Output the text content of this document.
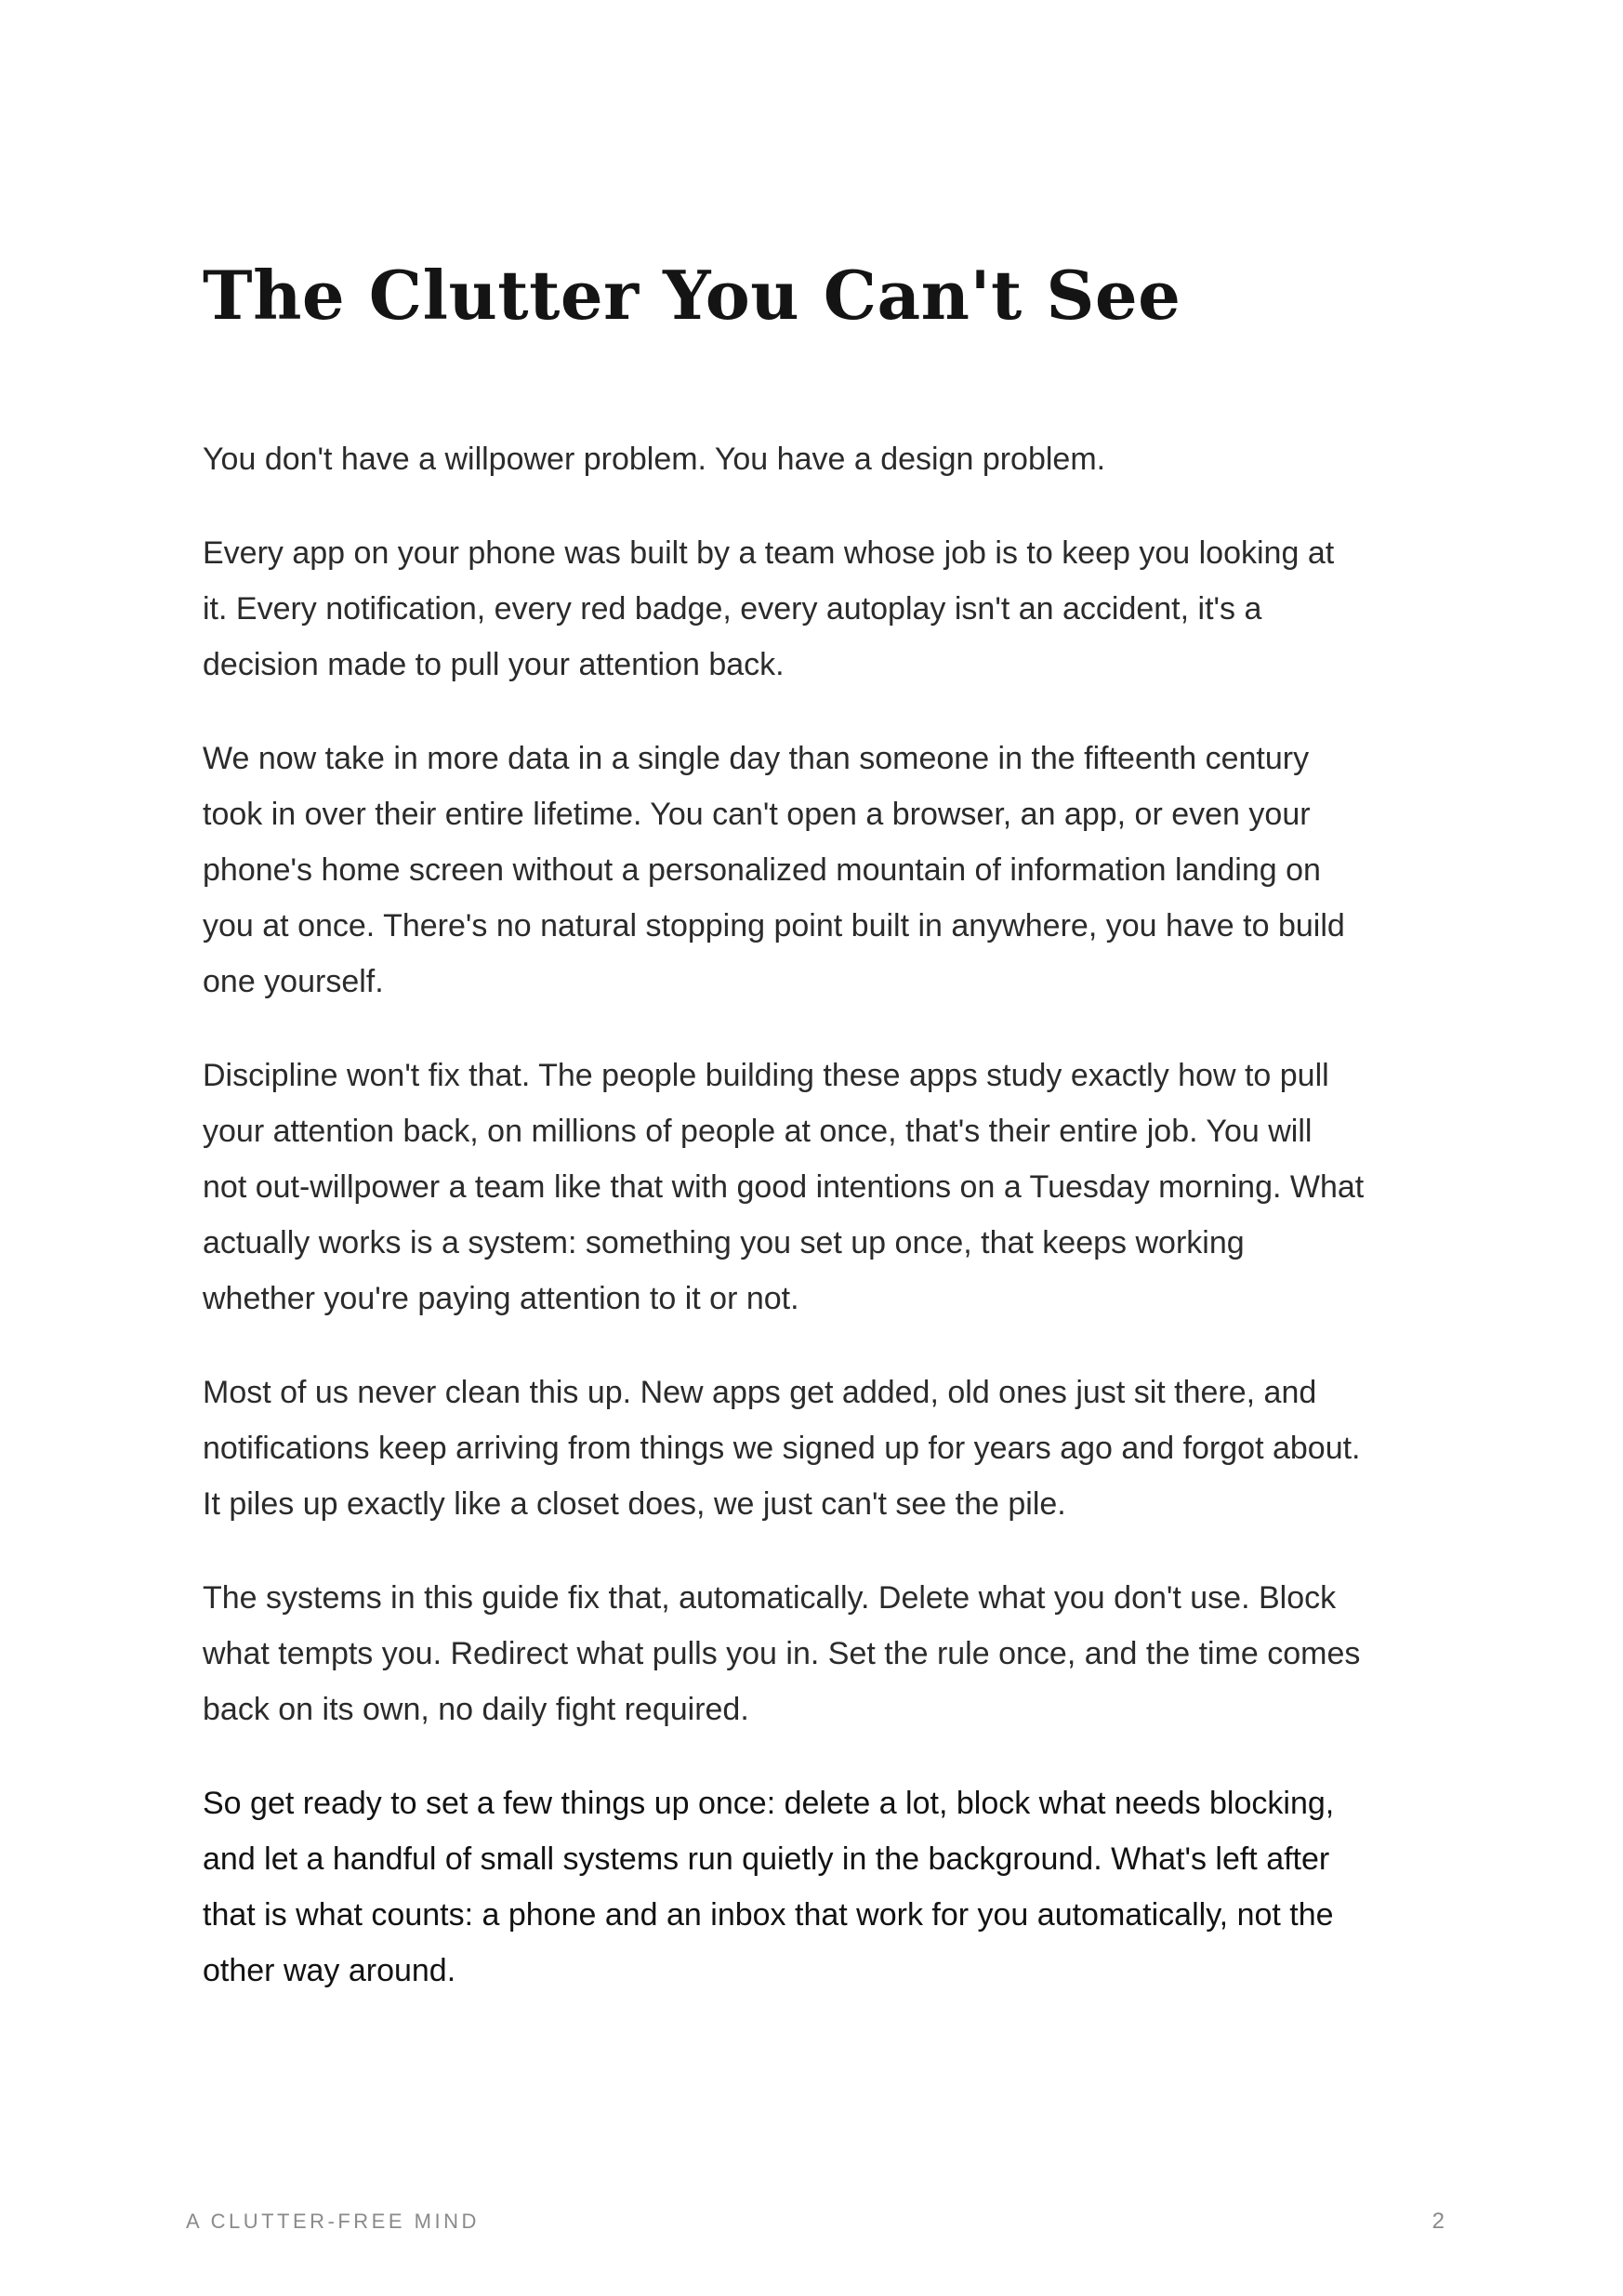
The Clutter You Can't See

You don't have a willpower problem. You have a design problem.

Every app on your phone was built by a team whose job is to keep you looking at it. Every notification, every red badge, every autoplay isn't an accident, it's a decision made to pull your attention back.

We now take in more data in a single day than someone in the fifteenth century took in over their entire lifetime. You can't open a browser, an app, or even your phone's home screen without a personalized mountain of information landing on you at once. There's no natural stopping point built in anywhere, you have to build one yourself.

Discipline won't fix that. The people building these apps study exactly how to pull your attention back, on millions of people at once, that's their entire job. You will not out-willpower a team like that with good intentions on a Tuesday morning. What actually works is a system: something you set up once, that keeps working whether you're paying attention to it or not.

Most of us never clean this up. New apps get added, old ones just sit there, and notifications keep arriving from things we signed up for years ago and forgot about. It piles up exactly like a closet does, we just can't see the pile.

The systems in this guide fix that, automatically. Delete what you don't use. Block what tempts you. Redirect what pulls you in. Set the rule once, and the time comes back on its own, no daily fight required.

So get ready to set a few things up once: delete a lot, block what needs blocking, and let a handful of small systems run quietly in the background. What's left after that is what counts: a phone and an inbox that work for you automatically, not the other way around.

A CLUTTER-FREE MIND	2
